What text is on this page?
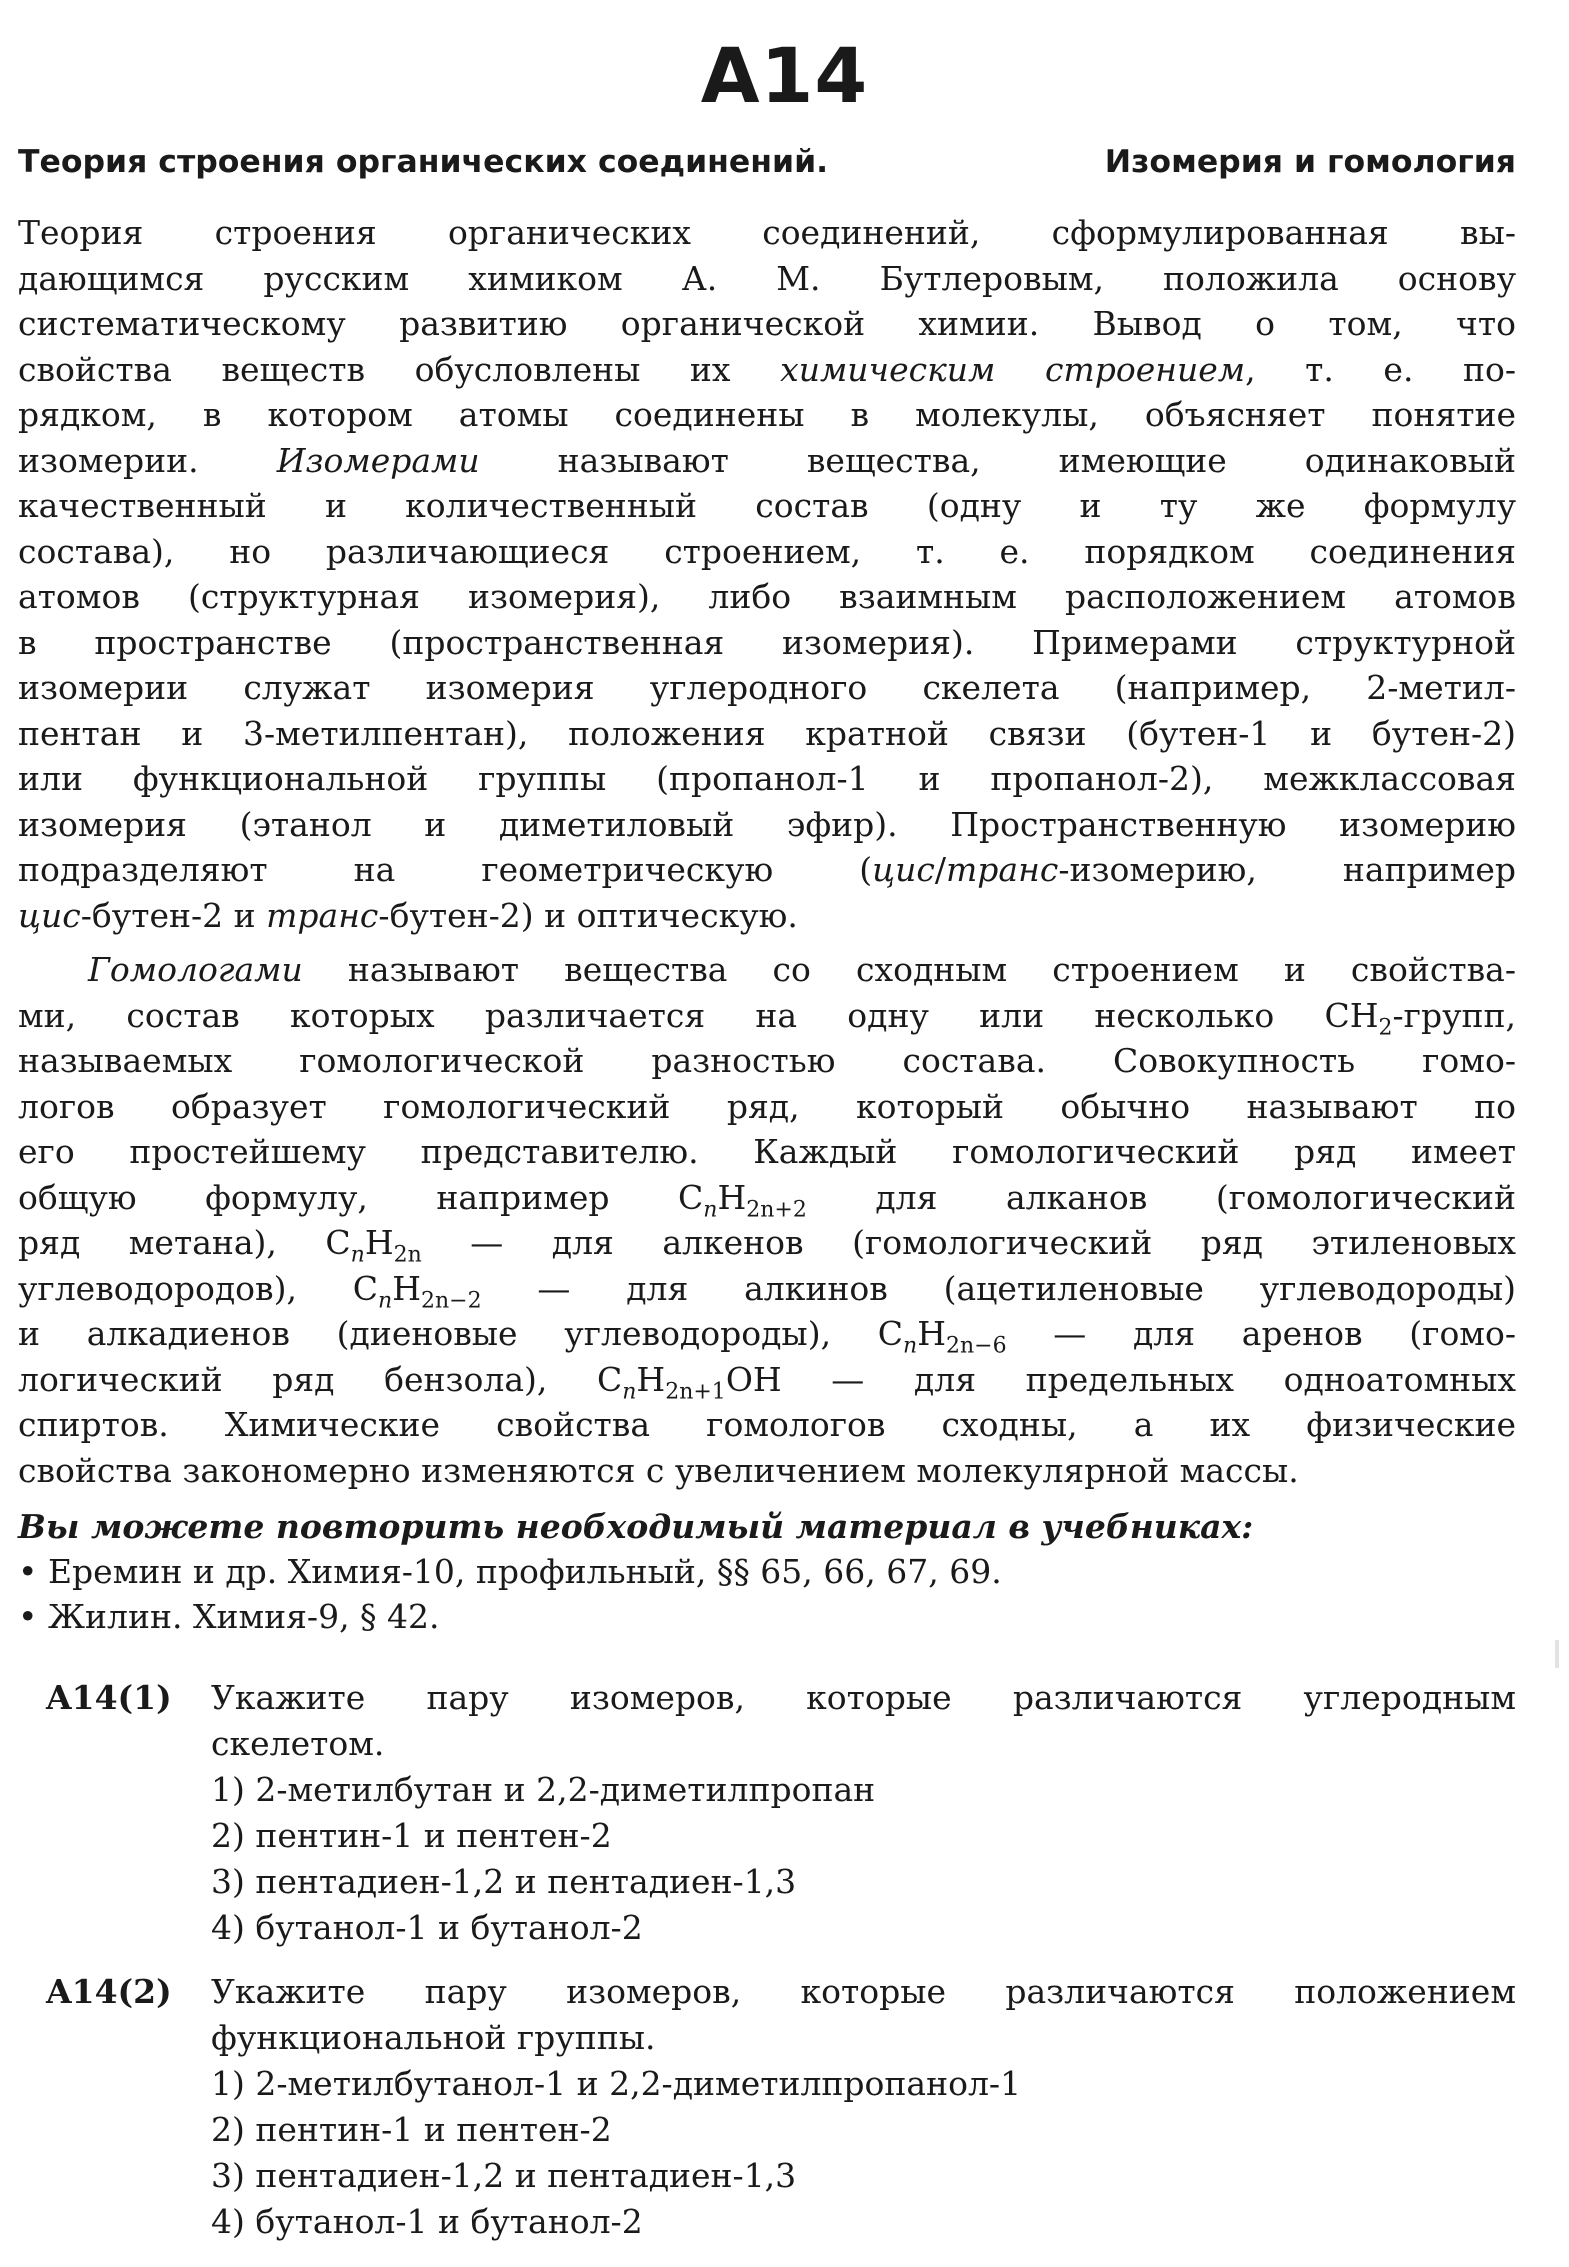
A14
Теория строения органических соединений.	Изомерия и гомология
Теория строения органических соединений, сформулированная вы-
дающимся русским химиком А. М. Бутлеровым, положила основу
систематическому развитию органической химии. Вывод о том, что
свойства веществ обусловлены их химическим строением, т. е. по-
рядком, в котором атомы соединены в молекулы, объясняет понятие
изомерии. Изомерами называют вещества, имеющие одинаковый
качественный и количественный состав (одну и ту же формулу
состава), но различающиеся строением, т. е. порядком соединения
атомов (структурная изомерия), либо взаимным расположением атомов
в пространстве (пространственная изомерия). Примерами структурной
изомерии служат изомерия углеродного скелета (например, 2-метил-
пентан и 3-метилпентан), положения кратной связи (бутен-1 и бутен-2)
или функциональной группы (пропанол-1 и пропанол-2), межклассовая
изомерия (этанол и диметиловый эфир). Пространственную изомерию
подразделяют на геометрическую (цис/транс-изомерию, например
цис-бутен-2 и транс-бутен-2) и оптическую.
Гомологами называют вещества со сходным строением и свойства-
ми, состав которых различается на одну или несколько $CH_2$-групп,
называемых гомологической разностью состава. Совокупность гомо-
логов образует гомологический ряд, который обычно называют по
его простейшему представителю. Каждый гомологический ряд имеет
общую формулу, например $C_nH_{2n+2}$ для алканов (гомологический
ряд метана), $C_nH_{2n}$ — для алкенов (гомологический ряд этиленовых
углеводородов), $C_nH_{2n-2}$ — для алкинов (ацетиленовые углеводороды)
и алкадиенов (диеновые углеводороды), $C_nH_{2n-6}$ — для аренов (гомо-
логический ряд бензола), $C_nH_{2n+1}OH$ — для предельных одноатомных
спиртов. Химические свойства гомологов сходны, а их физические
свойства закономерно изменяются с увеличением молекулярной массы.
Вы можете повторить необходимый материал в учебниках:
• Еремин и др. Химия-10, профильный, §§ 65, 66, 67, 69.
• Жилин. Химия-9, § 42.
A14(1) Укажите пару изомеров, которые различаются углеродным
скелетом.
1) 2-метилбутан и 2,2-диметилпропан
2) пентин-1 и пентен-2
3) пентадиен-1,2 и пентадиен-1,3
4) бутанол-1 и бутанол-2
A14(2) Укажите пару изомеров, которые различаются положением
функциональной группы.
1) 2-метилбутанол-1 и 2,2-диметилпропанол-1
2) пентин-1 и пентен-2
3) пентадиен-1,2 и пентадиен-1,3
4) бутанол-1 и бутанол-2
